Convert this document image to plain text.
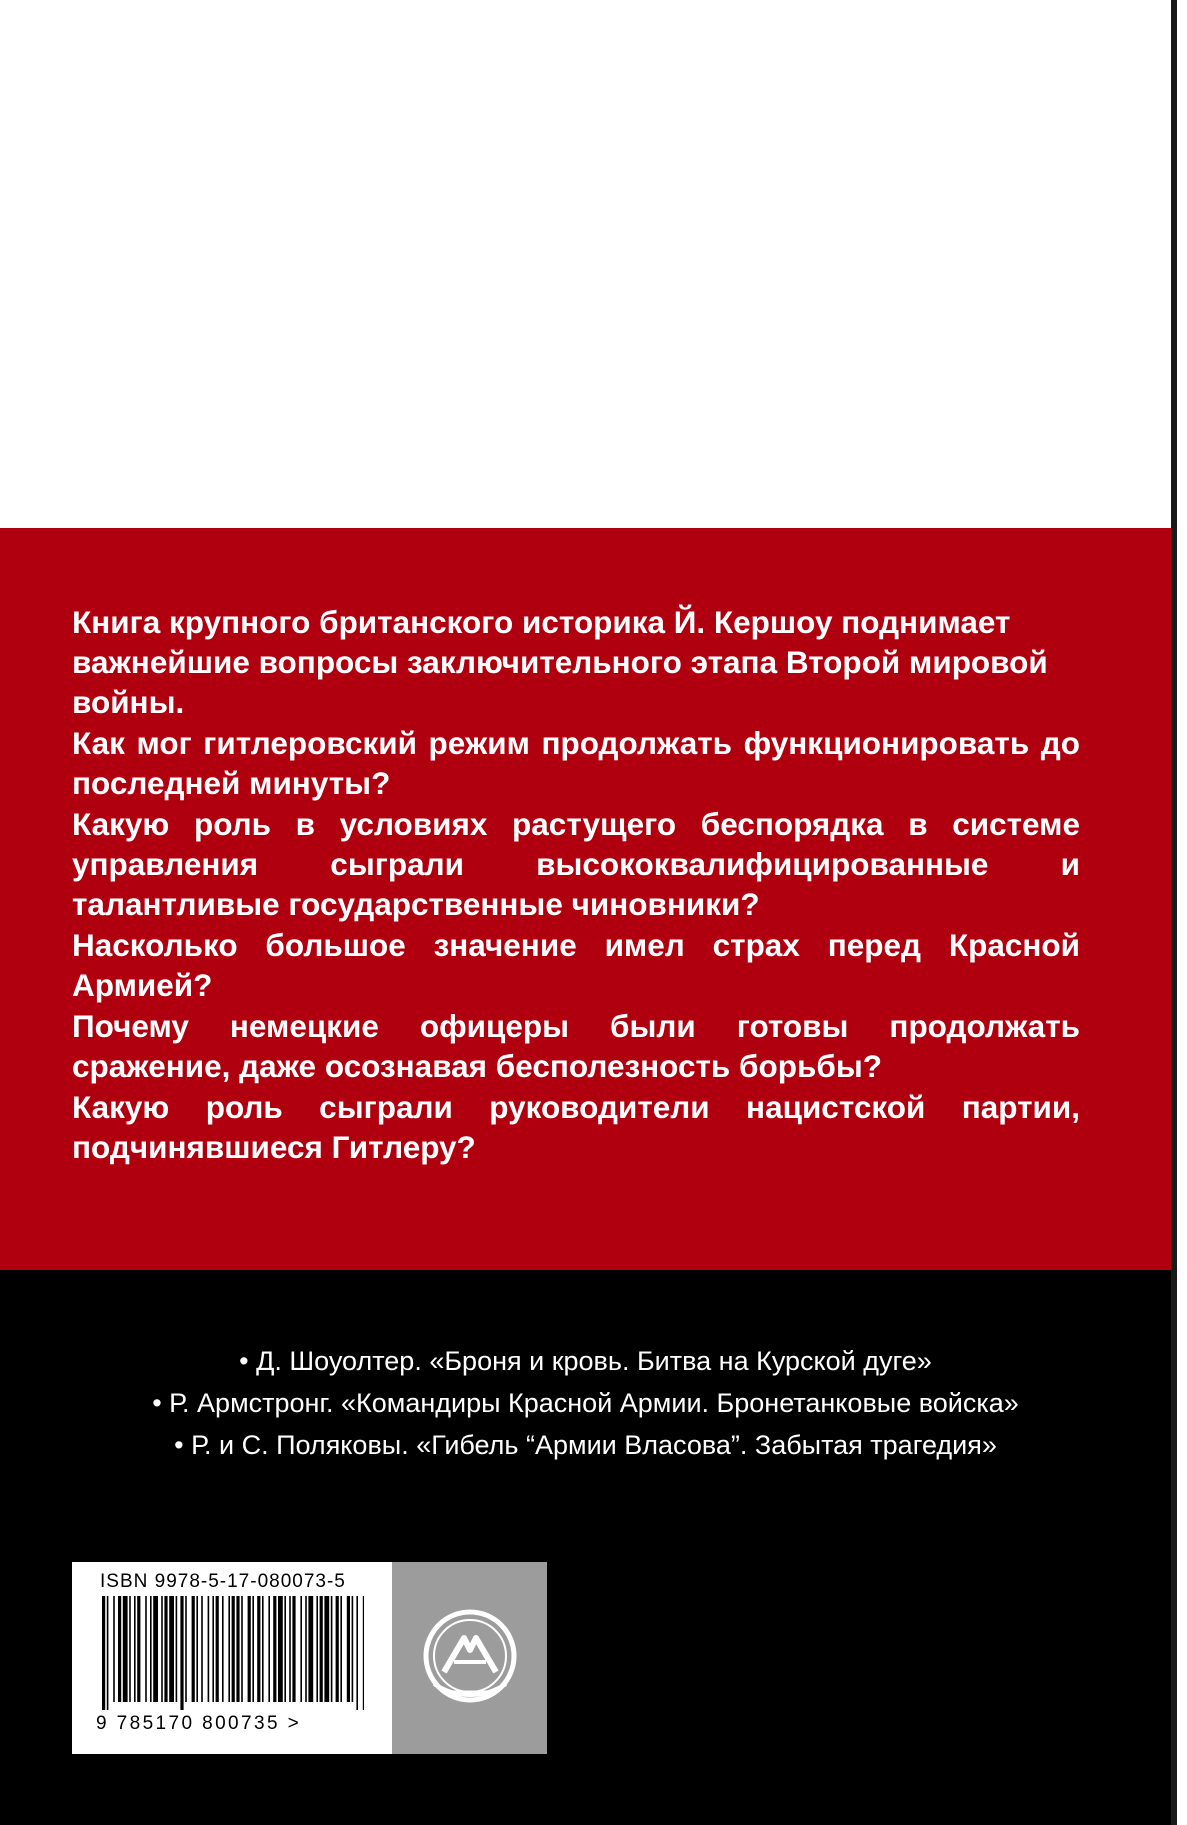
Книга крупного британского историка Й. Кершоу поднимает важнейшие вопросы заключительного этапа Второй мировой войны.

Как мог гитлеровский режим продолжать функционировать до последней минуты?

Какую роль в условиях растущего беспорядка в системе управления сыграли высококвалифицированные и талантливые государственные чиновники?

Насколько большое значение имел страх перед Красной Армией?

Почему немецкие офицеры были готовы продолжать сражение, даже осознавая бесполезность борьбы?

Какую роль сыграли руководители нацистской партии, подчинявшиеся Гитлеру?

• Д. Шоуолтер. «Броня и кровь. Битва на Курской дуге»
• Р. Армстронг. «Командиры Красной Армии. Бронетанковые войска»
• Р. и С. Поляковы. «Гибель “Армии Власова”. Забытая трагедия»
ISBN 9978-5-17-080073-5
9 785170 800735 >
